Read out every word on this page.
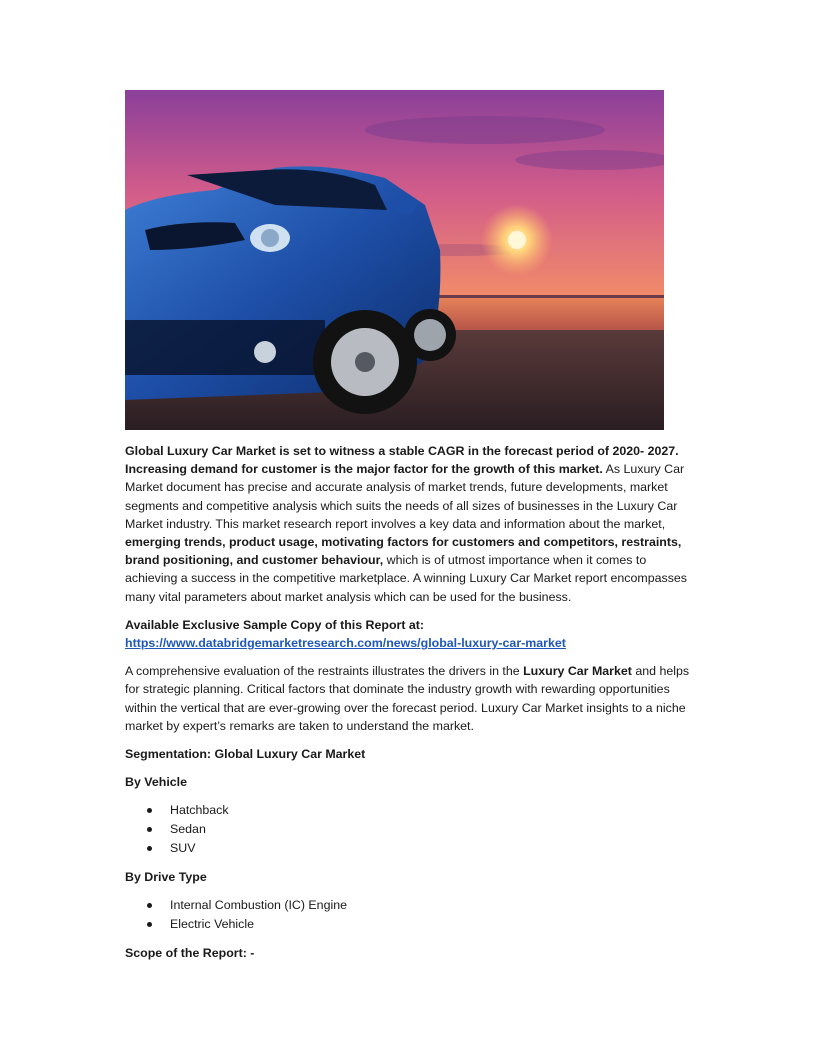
Global Luxury Car Market is set to witness a stable CAGR in the forecast period of 2020- 2027. Increasing demand for customer is the major factor for the growth of this market. As Luxury Car Market document has precise and accurate analysis of market trends, future developments, market segments and competitive analysis which suits the needs of all sizes of businesses in the Luxury Car Market industry. This market research report involves a key data and information about the market, emerging trends, product usage, motivating factors for customers and competitors, restraints, brand positioning, and customer behaviour, which is of utmost importance when it comes to achieving a success in the competitive marketplace. A winning Luxury Car Market report encompasses many vital parameters about market analysis which can be used for the business.

Available Exclusive Sample Copy of this Report at:
https://www.databridgemarketresearch.com/news/global-luxury-car-market

A comprehensive evaluation of the restraints illustrates the drivers in the Luxury Car Market and helps for strategic planning. Critical factors that dominate the industry growth with rewarding opportunities within the vertical that are ever-growing over the forecast period. Luxury Car Market insights to a niche market by expert’s remarks are taken to understand the market.

Segmentation: Global Luxury Car Market
By Vehicle
Hatchback
Sedan
SUV
By Drive Type
Internal Combustion (IC) Engine
Electric Vehicle
Scope of the Report: -
